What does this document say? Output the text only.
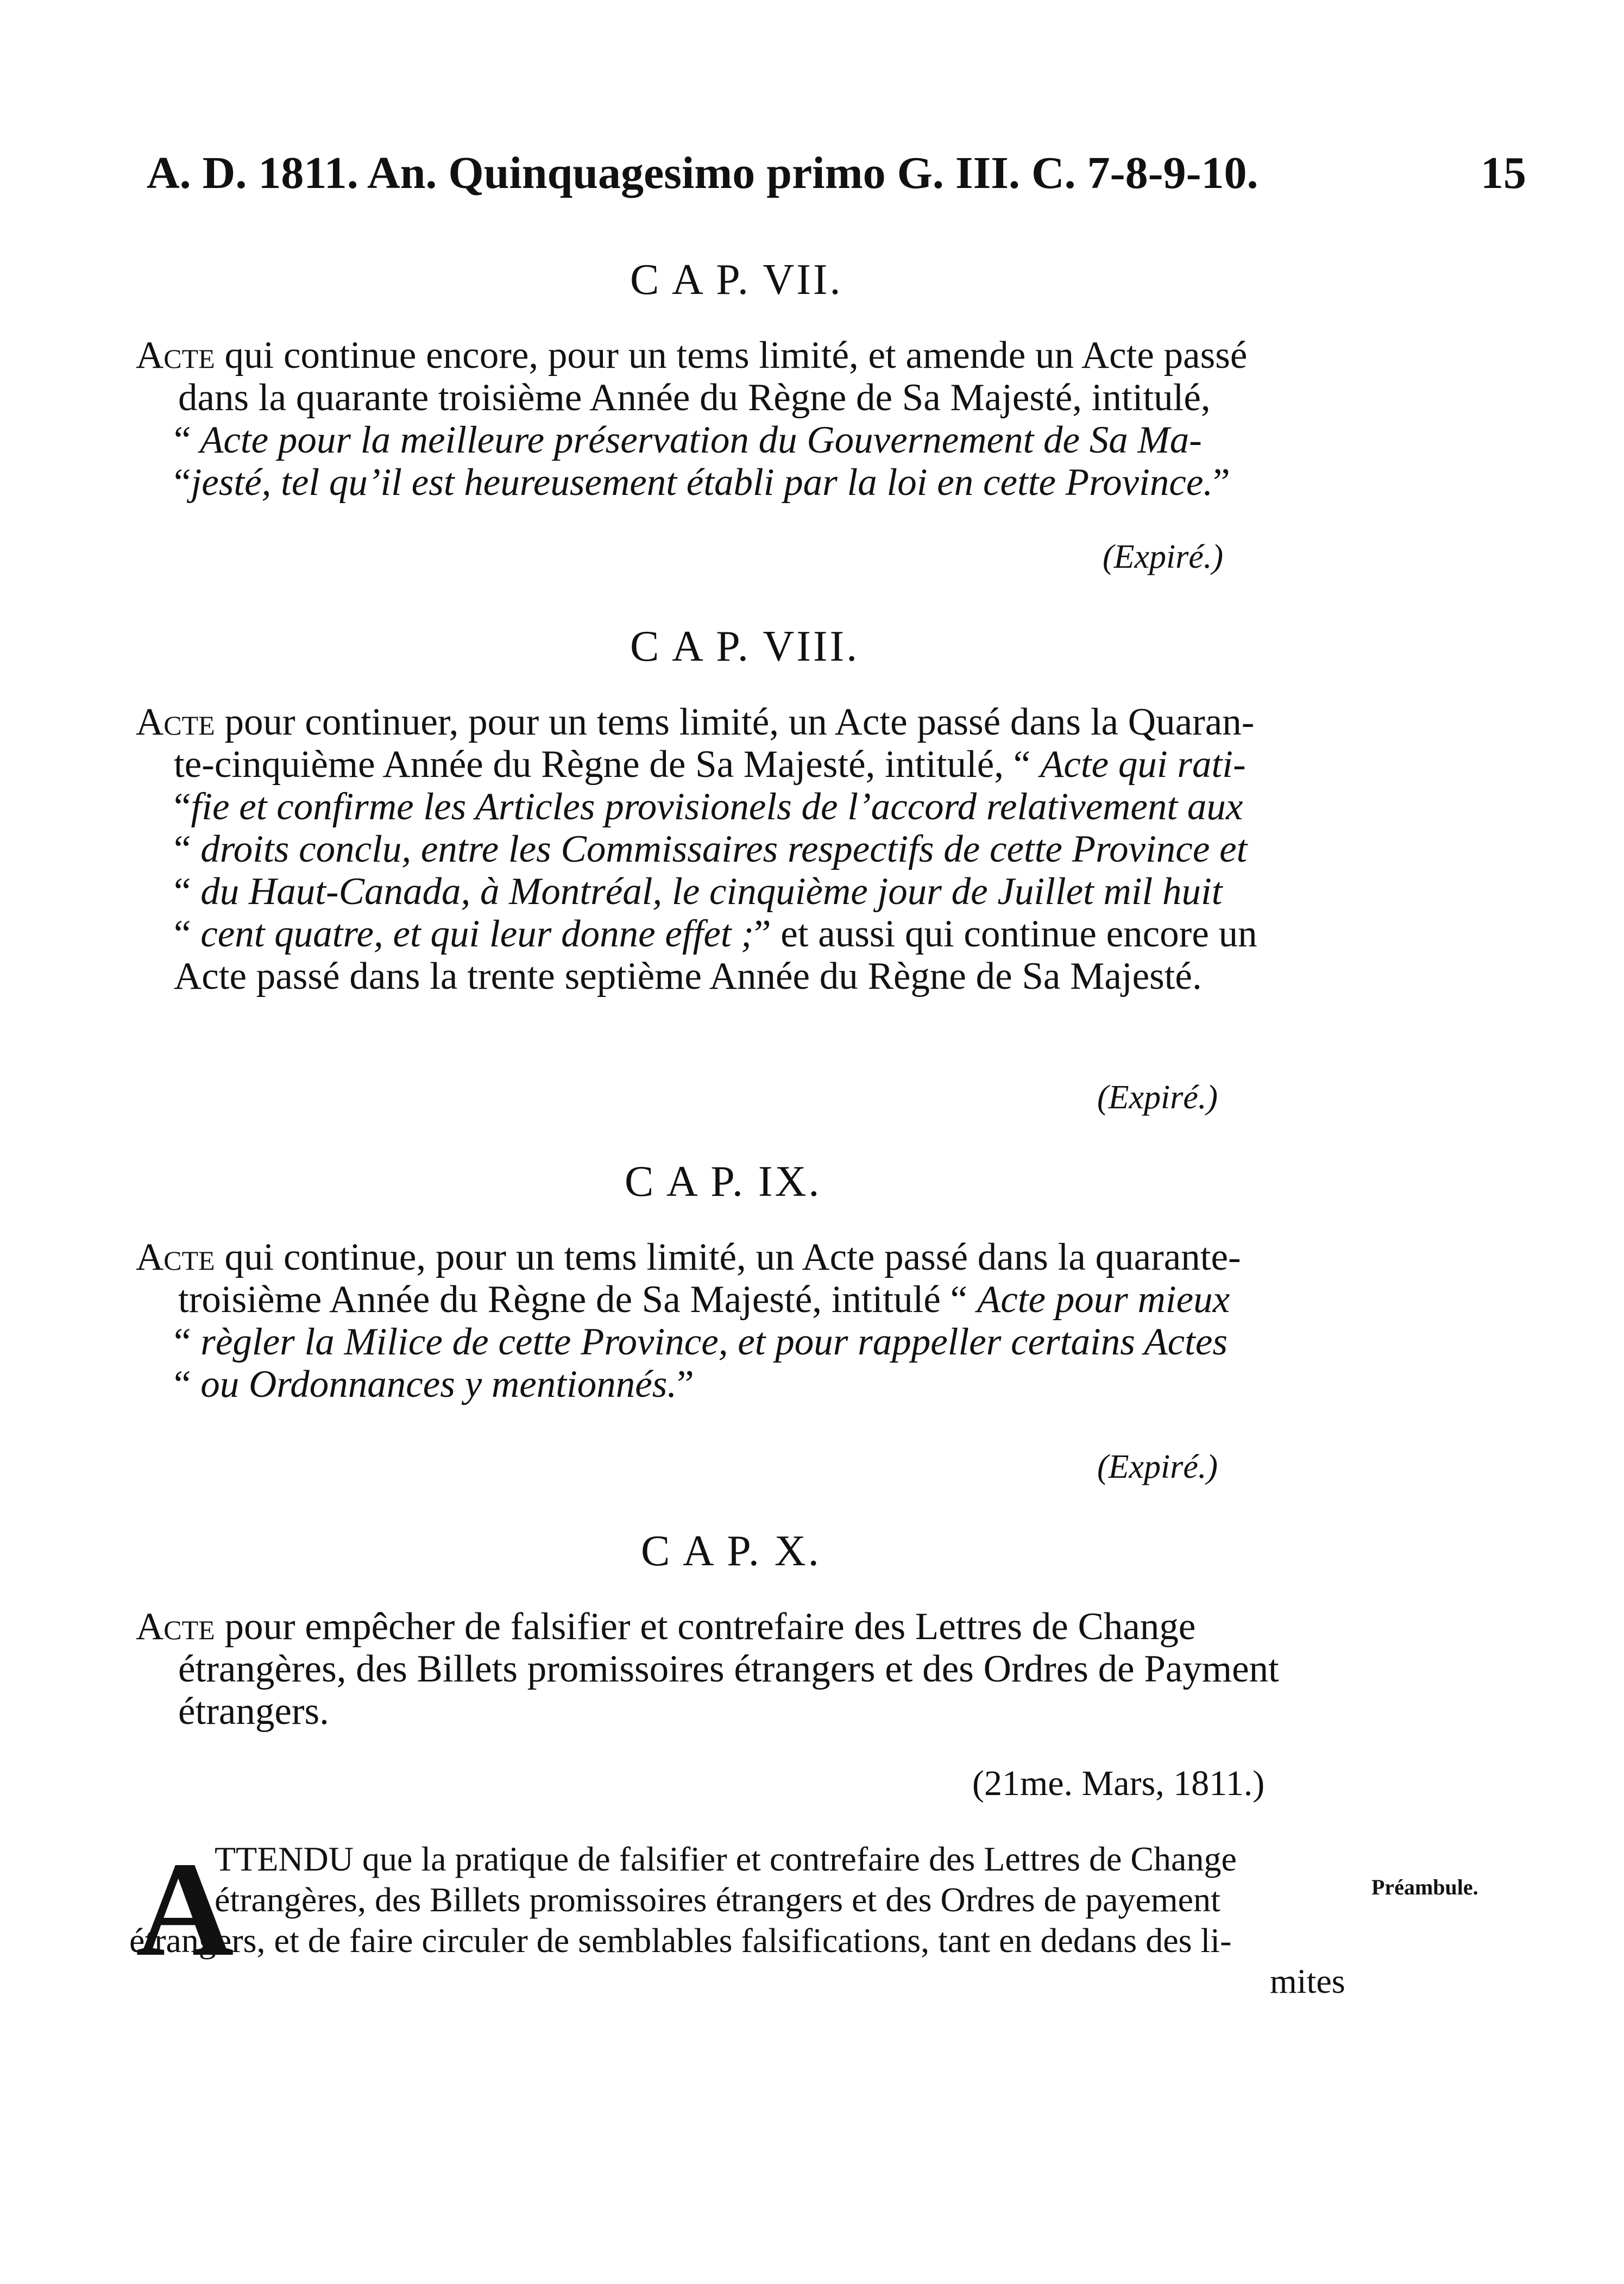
A. D. 1811. An. Quinquagesimo primo G. III. C. 7-8-9-10.	15
C A P. VII.
Acte qui continue encore, pour un tems limité, et amende un Acte passé
dans la quarante troisième Année du Règne de Sa Majesté, intitulé,
“ Acte pour la meilleure préservation du Gouvernement de Sa Ma-
“jesté, tel qu’il est heureusement établi par la loi en cette Province.”
(Expiré.)
C A P. VIII.
Acte pour continuer, pour un tems limité, un Acte passé dans la Quaran-
te-cinquième Année du Règne de Sa Majesté, intitulé, “ Acte qui rati-
“fie et confirme les Articles provisionels de l’accord relativement aux
“ droits conclu, entre les Commissaires respectifs de cette Province et
“ du Haut-Canada, à Montréal, le cinquième jour de Juillet mil huit
“ cent quatre, et qui leur donne effet ;” et aussi qui continue encore un
Acte passé dans la trente septième Année du Règne de Sa Majesté.
(Expiré.)
C A P. IX.
Acte qui continue, pour un tems limité, un Acte passé dans la quarante-
troisième Année du Règne de Sa Majesté, intitulé “ Acte pour mieux
“ règler la Milice de cette Province, et pour rappeller certains Actes
“ ou Ordonnances y mentionnés.”
(Expiré.)
C A P. X.
Acte pour empêcher de falsifier et contrefaire des Lettres de Change
étrangères, des Billets promissoires étrangers et des Ordres de Payment
étrangers.
(21me. Mars, 1811.)
A
TTENDU que la pratique de falsifier et contrefaire des Lettres de Change
étrangères, des Billets promissoires étrangers et des Ordres de payement
étrangers, et de faire circuler de semblables falsifications, tant en dedans des li-
mites
Préambule.
